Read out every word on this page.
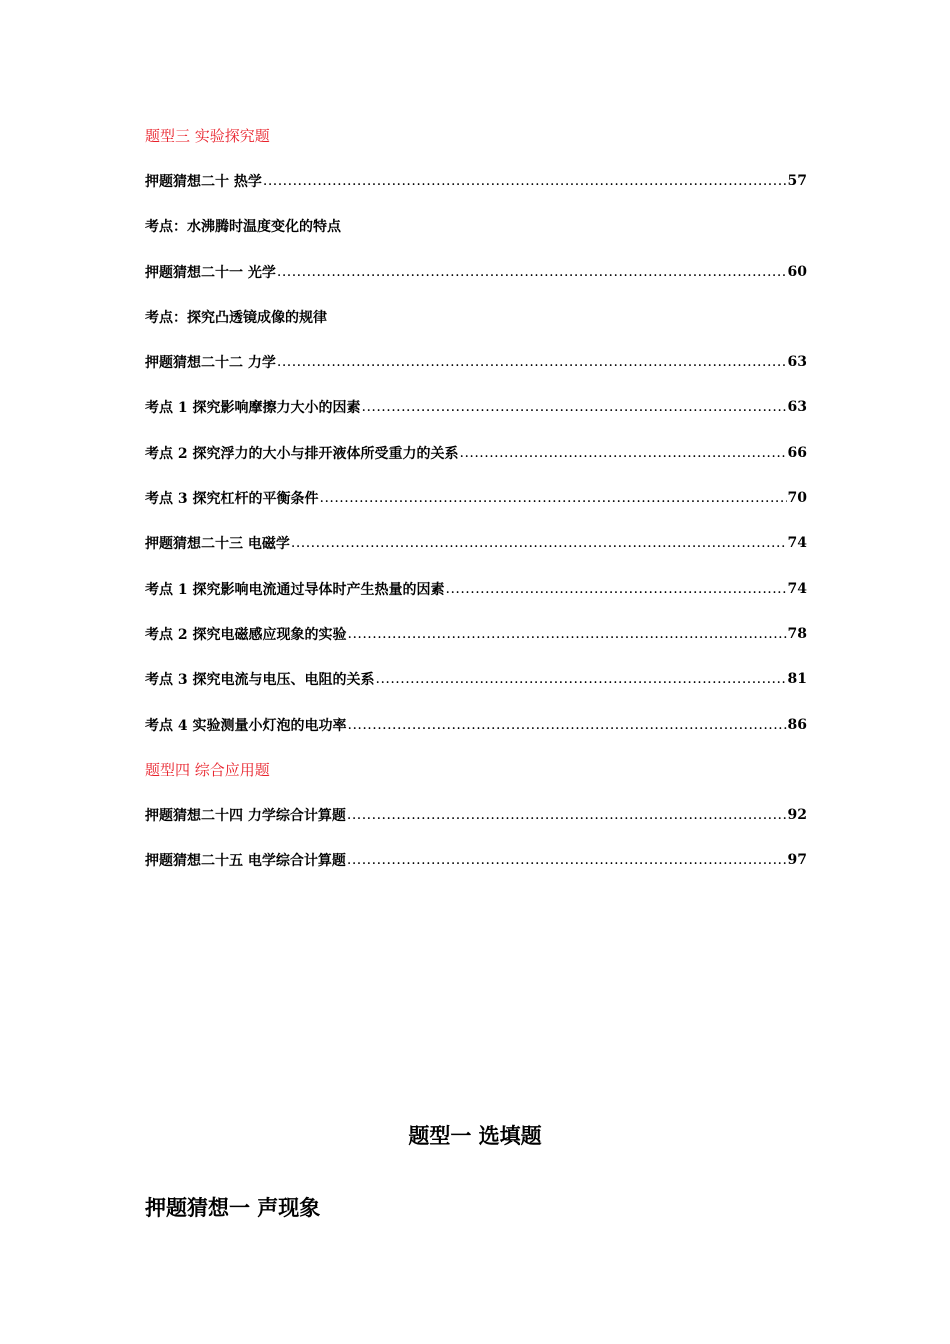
题型三 实验探究题
押题猜想二十 热学 .....	57
考点：水沸腾时温度变化的特点
押题猜想二十一 光学 .....	60
考点：探究凸透镜成像的规律
押题猜想二十二 力学 .....	63
考点 1 探究影响摩擦力大小的因素 .....	63
考点 2 探究浮力的大小与排开液体所受重力的关系 .....	66
考点 3 探究杠杆的平衡条件 .....	70
押题猜想二十三 电磁学 .....	74
考点 1 探究影响电流通过导体时产生热量的因素 .....	74
考点 2 探究电磁感应现象的实验 .....	78
考点 3 探究电流与电压、电阻的关系 .....	81
考点 4 实验测量小灯泡的电功率 .....	86
题型四 综合应用题
押题猜想二十四 力学综合计算题 .....	92
押题猜想二十五 电学综合计算题 .....	97
题型一 选填题
押题猜想一 声现象
